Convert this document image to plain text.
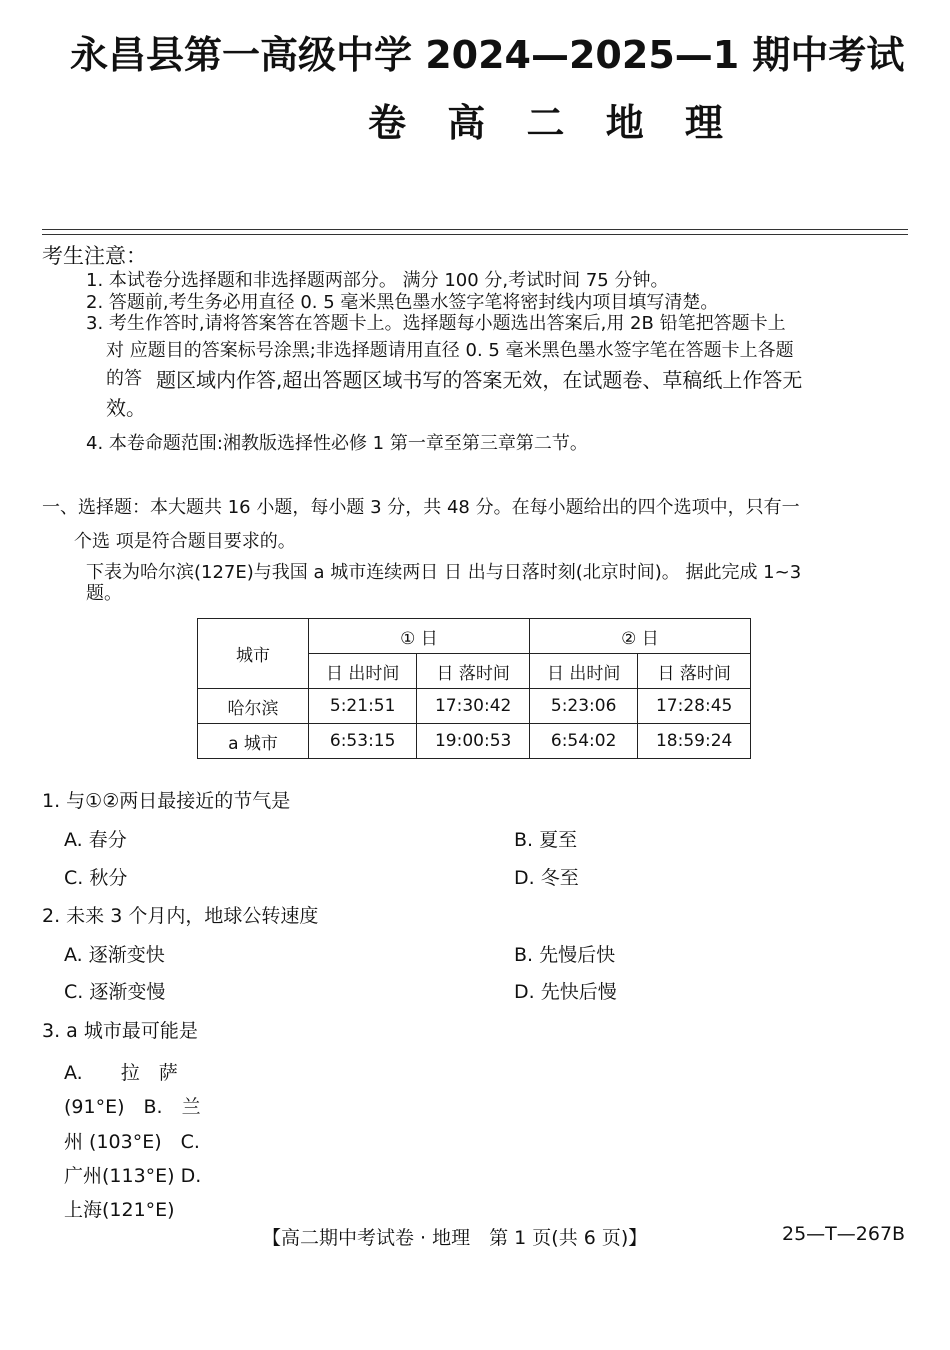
永昌县第一高级中学 2024—2025—1 期中考试
卷 高 二 地 理
考生注意：
1. 本试卷分选择题和非选择题两部分。 满分 100 分,考试时间 75 分钟。
2. 答题前,考生务必用直径 0. 5 毫米黑色墨水签字笔将密封线内项目填写清楚。
3. 考生作答时,请将答案答在答题卡上。选择题每小题选出答案后,用 2B 铅笔把答题卡上
对 应题目的答案标号涂黑;非选择题请用直径 0. 5 毫米黑色墨水签字笔在答题卡上各题
的答 题区域内作答,超出答题区域书写的答案无效，在试题卷、草稿纸上作答无
效。
4. 本卷命题范围:湘教版选择性必修 1 第一章至第三章第二节。
一、选择题：本大题共 16 小题，每小题 3 分，共 48 分。在每小题给出的四个选项中，只有一
个选 项是符合题目要求的。
下表为哈尔滨(127E)与我国 a 城市连续两日 日 出与日落时刻(北京时间)。 据此完成 1~3
题。
城市	① 日		② 日	
	日 出时间	日 落时间	日 出时间	日 落时间
哈尔滨	5:21:51	17:30:42	5:23:06	17:28:45
a 城市	6:53:15	19:00:53	6:54:02	18:59:24
1. 与①②两日最接近的节气是
A. 春分	B. 夏至
C. 秋分	D. 冬至
2. 未来 3 个月内，地球公转速度
A. 逐渐变快	B. 先慢后快
C. 逐渐变慢	D. 先快后慢
3. a 城市最可能是
A.　　拉　萨
(91°E)　B.　兰
州 (103°E)　C.
广州(113°E) D.
上海(121°E)
【高二期中考试卷 · 地理　第 1 页(共 6 页)】	25—T—267B
